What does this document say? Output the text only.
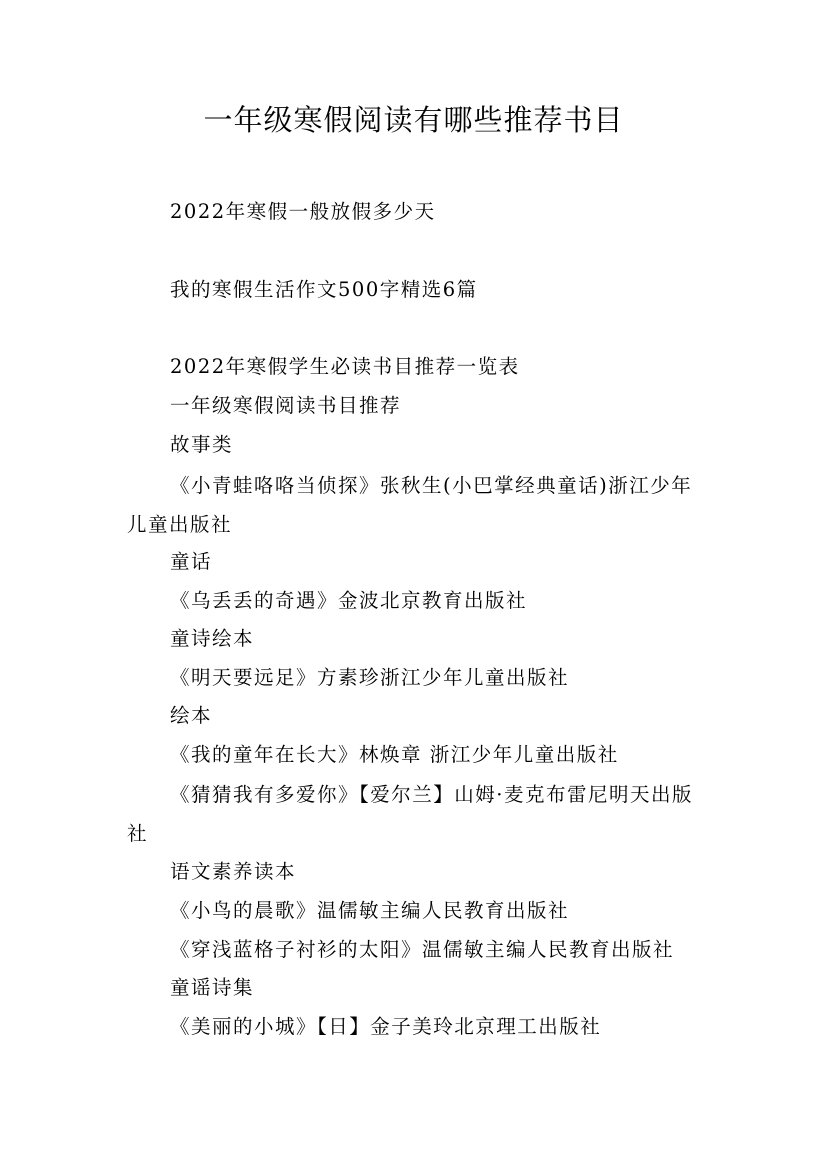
一年级寒假阅读有哪些推荐书目
2022年寒假一般放假多少天
我的寒假生活作文500字精选6篇
2022年寒假学生必读书目推荐一览表
一年级寒假阅读书目推荐
故事类
《小青蛙咯咯当侦探》张秋生(小巴掌经典童话)浙江少年儿童出版社
童话
《乌丢丢的奇遇》金波北京教育出版社
童诗绘本
《明天要远足》方素珍浙江少年儿童出版社
绘本
《我的童年在长大》林焕章 浙江少年儿童出版社
《猜猜我有多爱你》【爱尔兰】山姆·麦克布雷尼明天出版社
语文素养读本
《小鸟的晨歌》温儒敏主编人民教育出版社
《穿浅蓝格子衬衫的太阳》温儒敏主编人民教育出版社
童谣诗集
《美丽的小城》【日】金子美玲北京理工出版社
